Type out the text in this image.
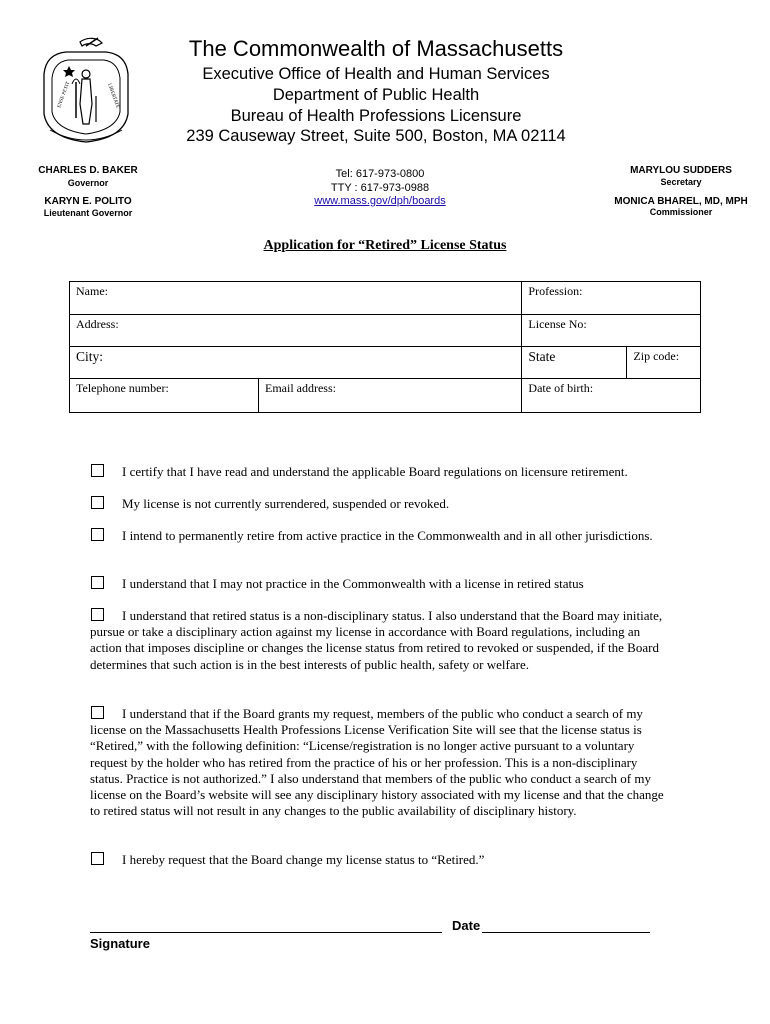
ENSE PETIT	LIBERTATE
The Commonwealth of Massachusetts
Executive Office of Health and Human Services
Department of Public Health
Bureau of Health Professions Licensure
239 Causeway Street, Suite 500, Boston, MA 02114
CHARLES D. BAKER
Governor
KARYN E. POLITO
Lieutenant Governor
Tel: 617-973-0800
TTY : 617-973-0988
www.mass.gov/dph/boards
MARYLOU SUDDERS
Secretary
MONICA BHAREL, MD, MPH
Commissioner
Application for “Retired” License Status
Name:		Profession:	
Address:		License No:	
City:		State	Zip code:
Telephone number:	Email address:	Date of birth:	
I certify that I have read and understand the applicable Board regulations on licensure retirement.
My license is not currently surrendered, suspended or revoked.
I intend to permanently retire from active practice in the Commonwealth and in all other jurisdictions.
I understand that I may not practice in the Commonwealth with a license in retired status
I understand that retired status is a non-disciplinary status. I also understand that the Board may initiate, pursue or take a disciplinary action against my license in accordance with Board regulations, including an action that imposes discipline or changes the license status from retired to revoked or suspended, if the Board determines that such action is in the best interests of public health, safety or welfare.
I understand that if the Board grants my request, members of the public who conduct a search of my license on the Massachusetts Health Professions License Verification Site will see that the license status is “Retired,” with the following definition: “License/registration is no longer active pursuant to a voluntary request by the holder who has retired from the practice of his or her profession. This is a non-disciplinary status. Practice is not authorized.” I also understand that members of the public who conduct a search of my license on the Board’s website will see any disciplinary history associated with my license and that the change to retired status will not result in any changes to the public availability of disciplinary history.
I hereby request that the Board change my license status to “Retired.”
Date
Signature
